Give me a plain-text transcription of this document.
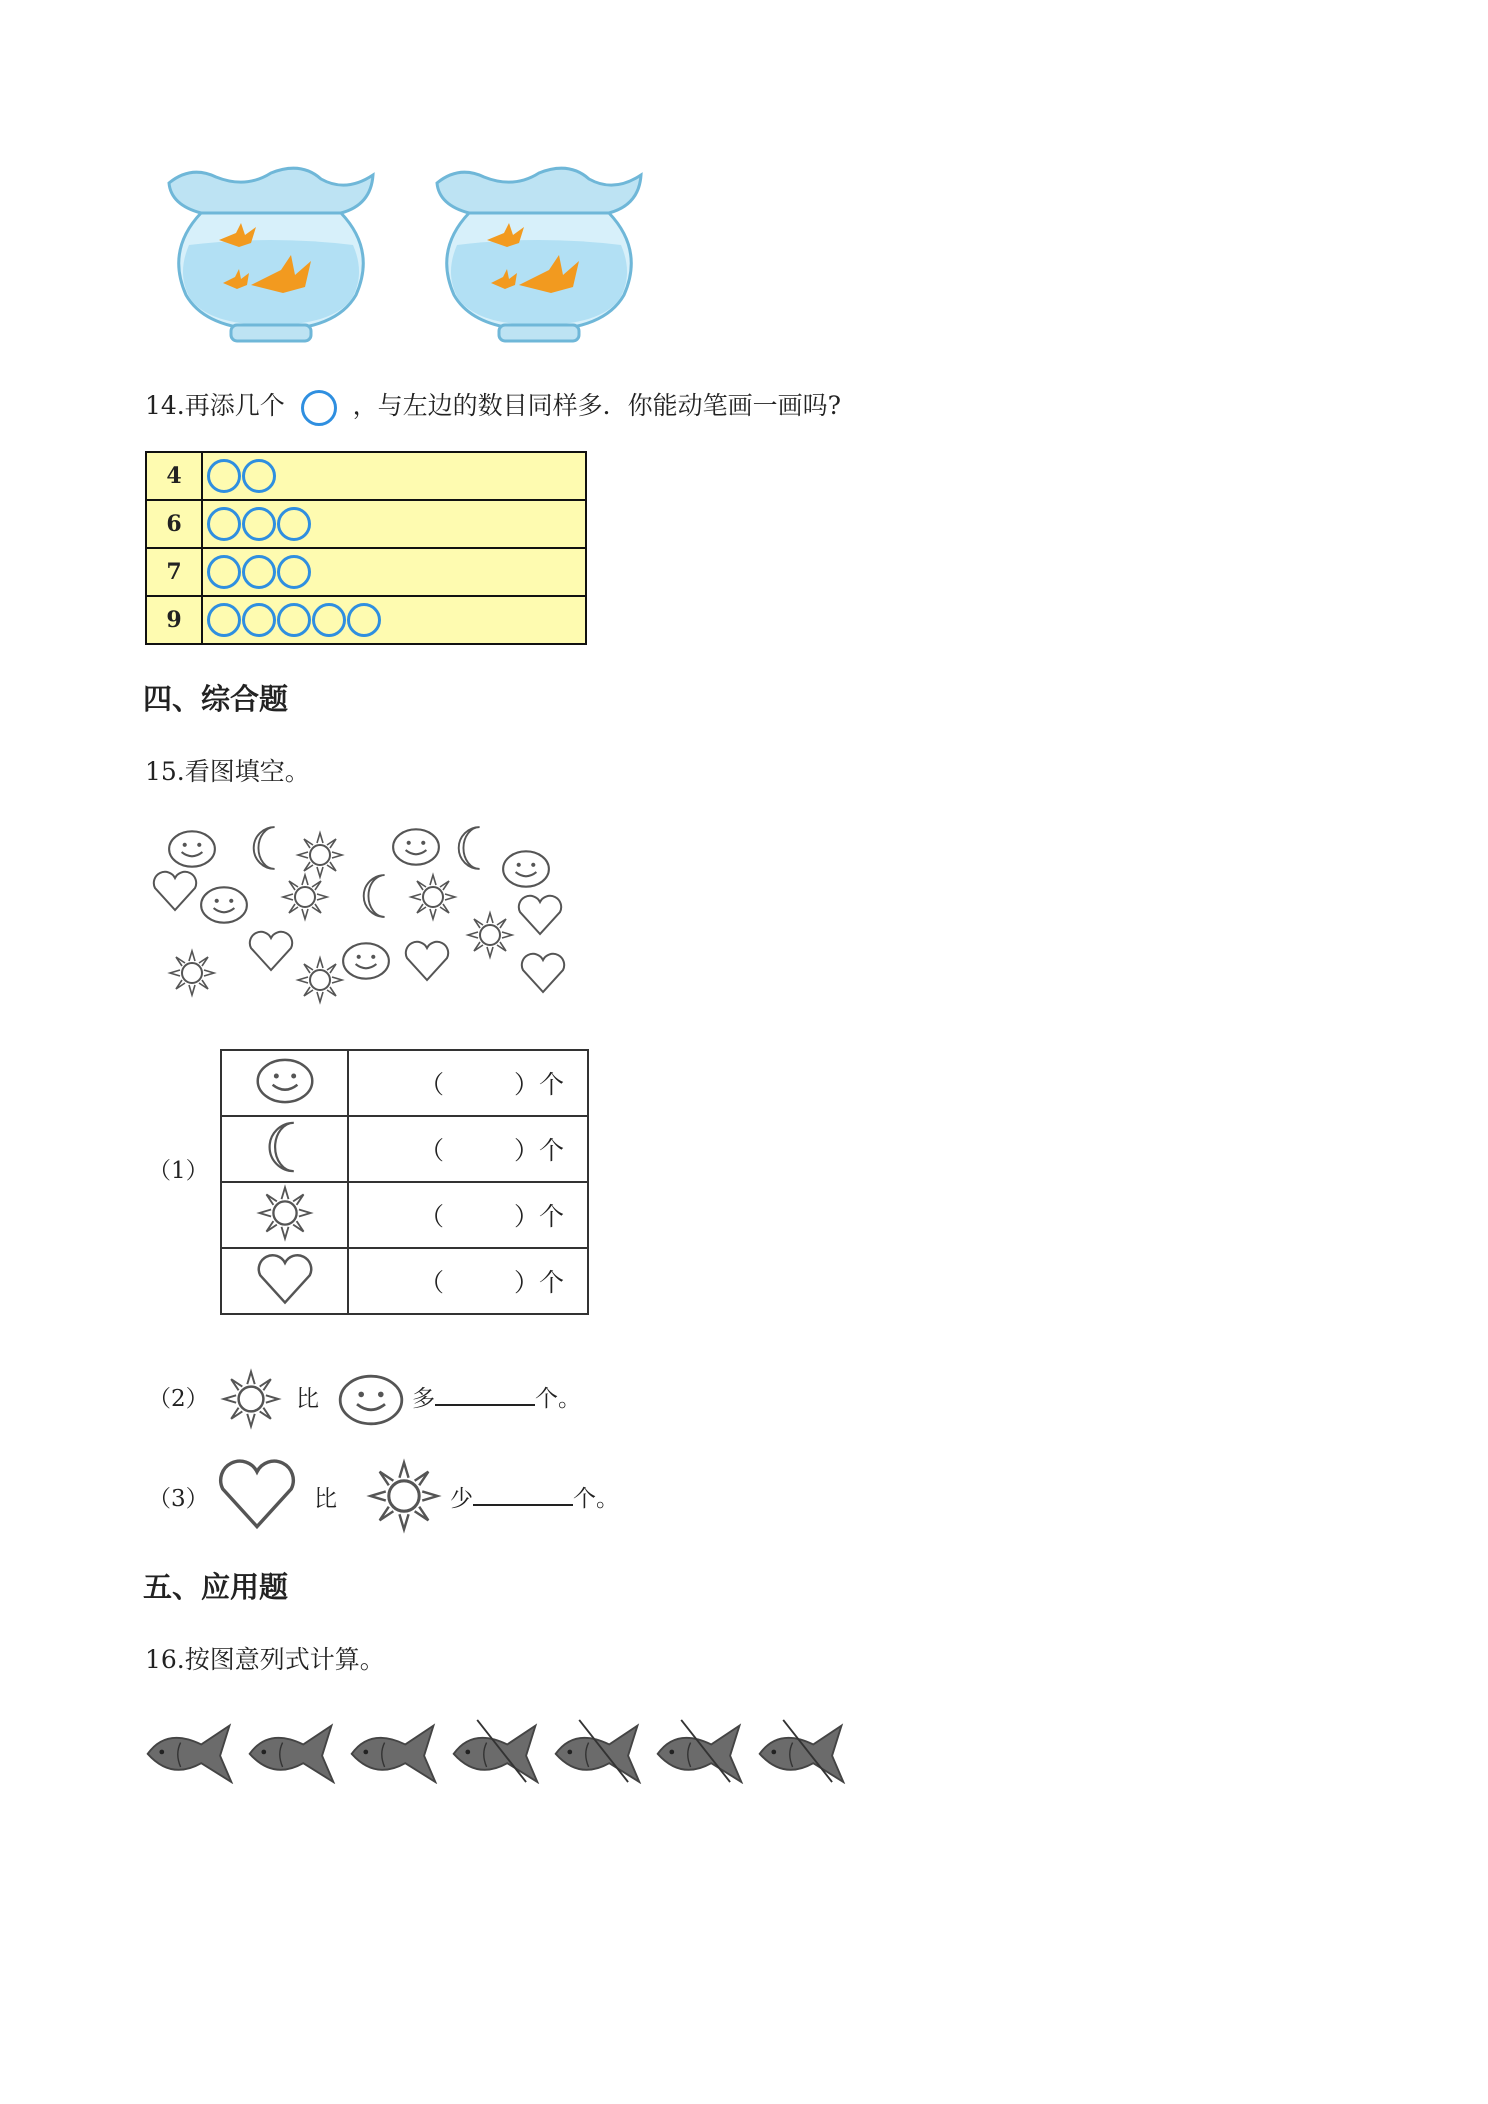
14.再添几个	，与左边的数目同样多．你能动笔画一画吗?
4	
6	
7	
9	
四、综合题
15.看图填空。
（1）
	（ ）个
	（ ）个
	（ ）个
	（ ）个
（2）	比	多	个。
（3）	比	少	个。
五、应用题
16.按图意列式计算。
